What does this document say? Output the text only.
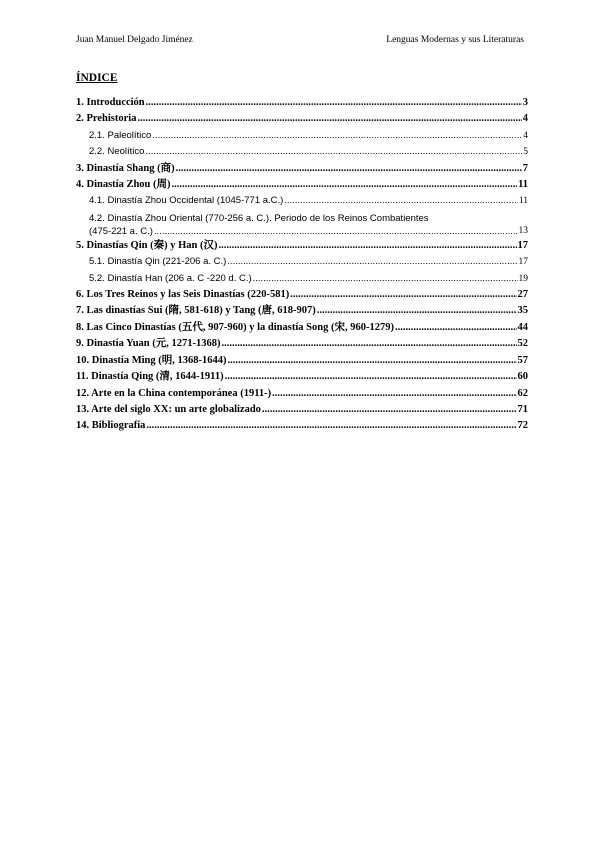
Juan Manuel Delgado Jiménez	Lenguas Modernas y sus Literaturas
ÍNDICE
1. Introducción .....	3
2. Prehistoria .....	4
2.1. Paleolítico .....	4
2.2. Neolítico .....	5
3. Dinastía Shang (商) .....	7
4. Dinastía Zhou (周) .....	11
4.1. Dinastía Zhou Occidental (1045-771 a.C.) .....	11
4.2. Dinastía Zhou Oriental (770-256 a. C.). Periodo de los Reinos Combatientes
(475-221 a. C.) .....	13
5. Dinastías Qin (秦) y Han (汉) .....	17
5.1. Dinastía Qin (221-206 a. C.) .....	17
5.2. Dinastía Han (206 a. C -220 d. C.) .....	19
6. Los Tres Reinos y las Seis Dinastías (220-581) .....	27
7. Las dinastías Sui (隋, 581-618) y Tang (唐, 618-907) .....	35
8. Las Cinco Dinastías (五代, 907-960) y la dinastía Song (宋, 960-1279) .....	44
9. Dinastía Yuan (元, 1271-1368) .....	52
10. Dinastía Ming (明, 1368-1644) .....	57
11. Dinastía Qing (清, 1644-1911) .....	60
12. Arte en la China contemporánea (1911-) .....	62
13. Arte del siglo XX: un arte globalizado .....	71
14. Bibliografía .....	72
